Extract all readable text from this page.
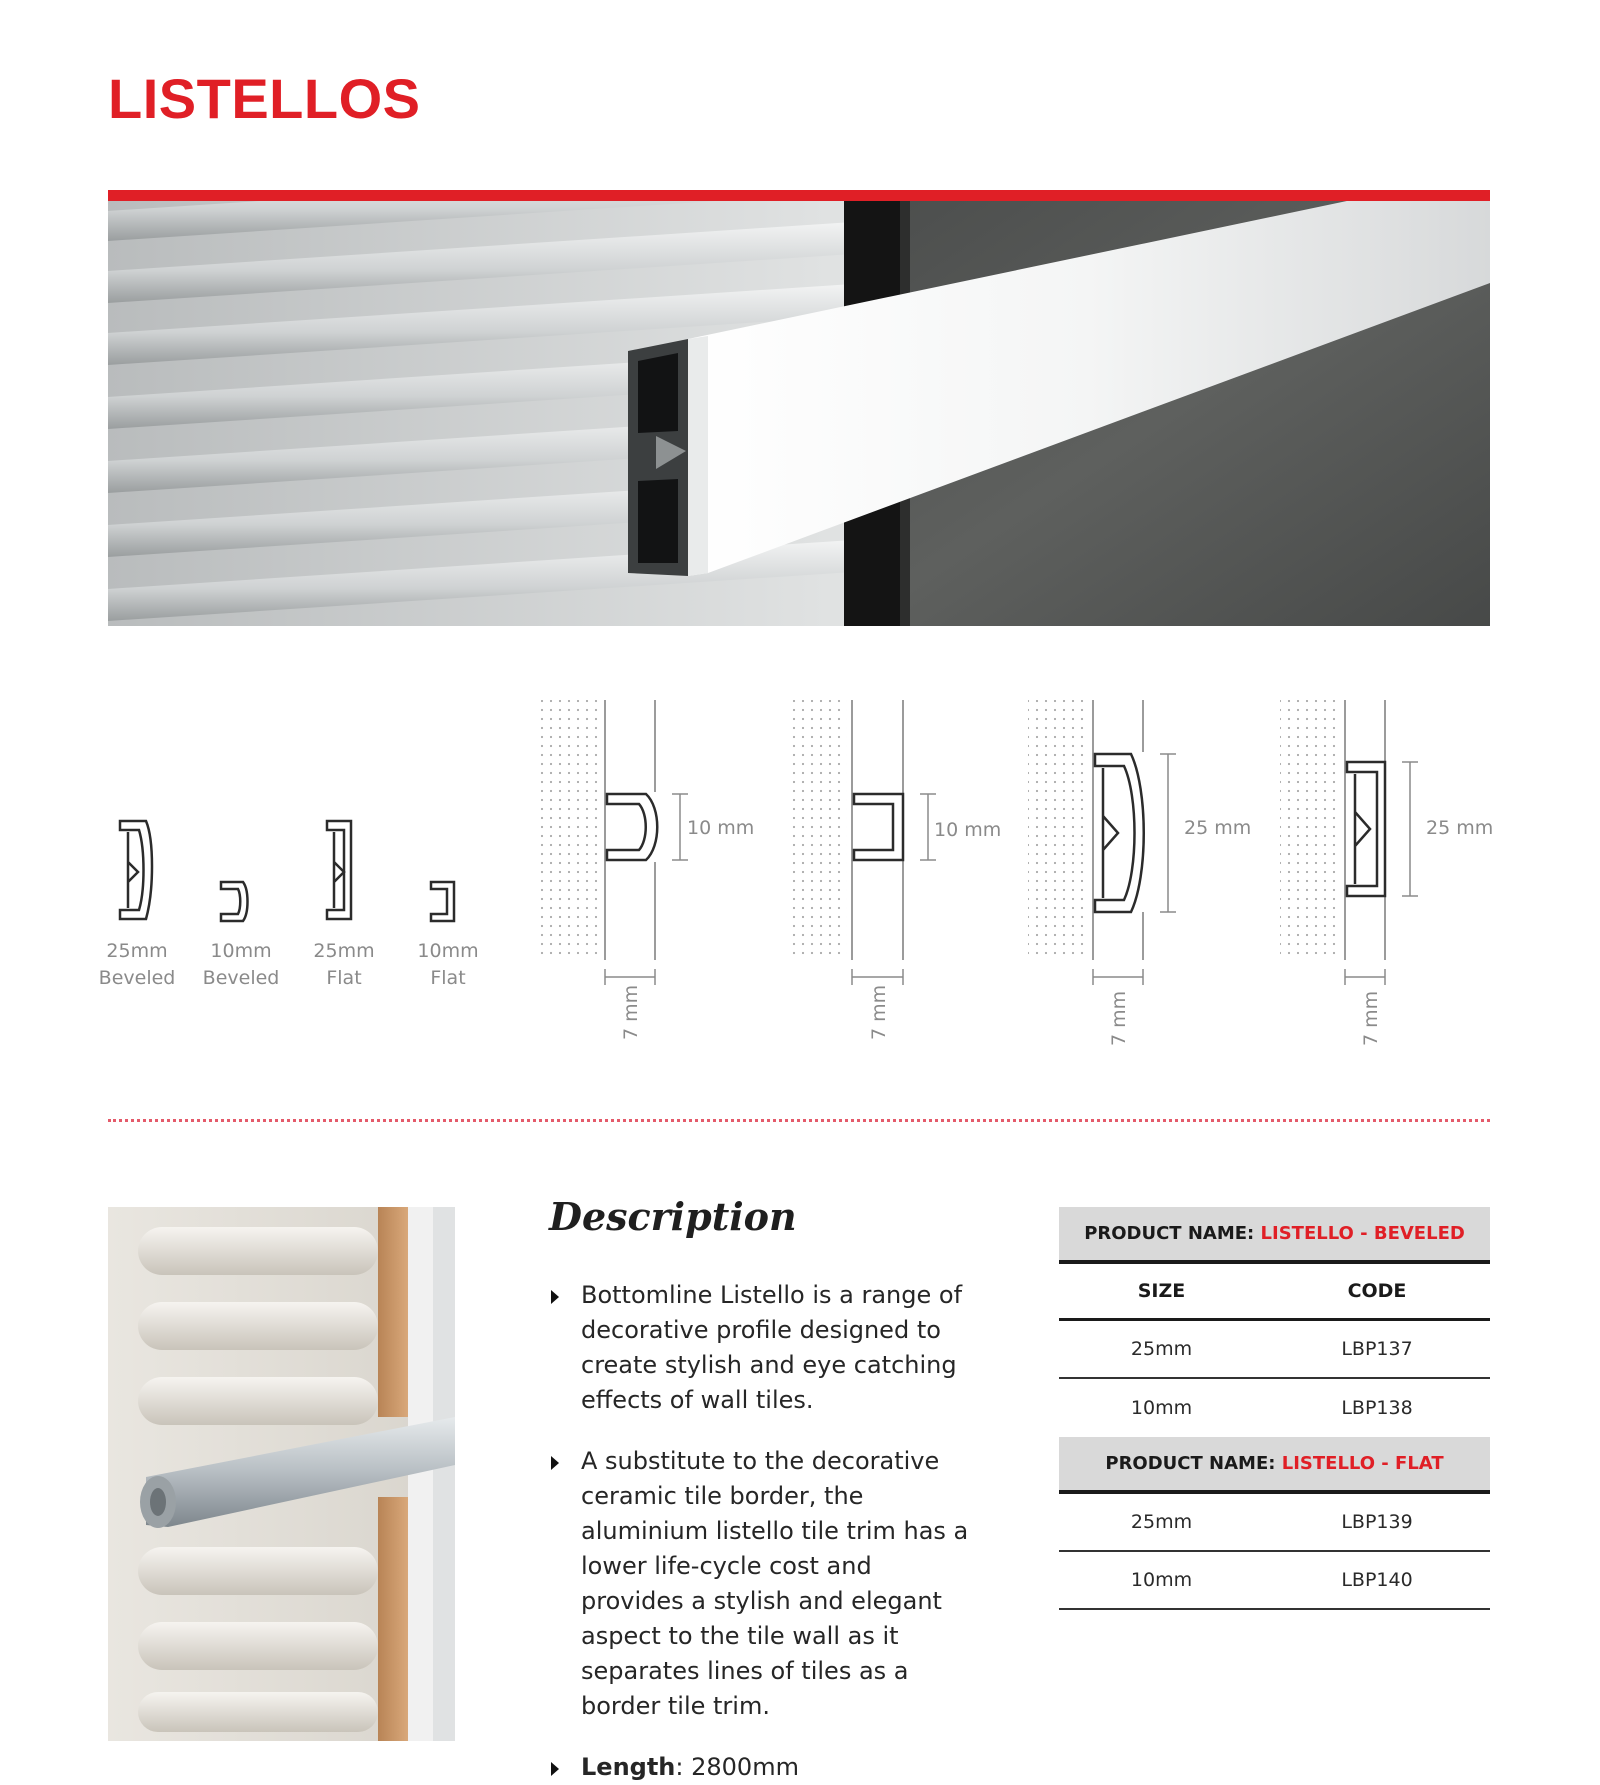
LISTELLOS
10 mm
7 mm
10 mm
7 mm
25 mm
7 mm
25 mm
7 mm
25mm
Beveled
10mm
Beveled
25mm
Flat
10mm
Flat
Description
Bottomline Listello is a range of decorative profile designed to create stylish and eye catching effects of wall tiles.
A substitute to the decorative ceramic tile border, the aluminium listello tile trim has a lower life-cycle cost and provides a stylish and elegant aspect to the tile wall as it separates lines of tiles as a border tile trim.
Length: 2800mm
PRODUCT NAME:
LISTELLO - BEVELED
SIZE	CODE
25mm	LBP137
10mm	LBP138
PRODUCT NAME:
LISTELLO - FLAT
25mm	LBP139
10mm	LBP140
